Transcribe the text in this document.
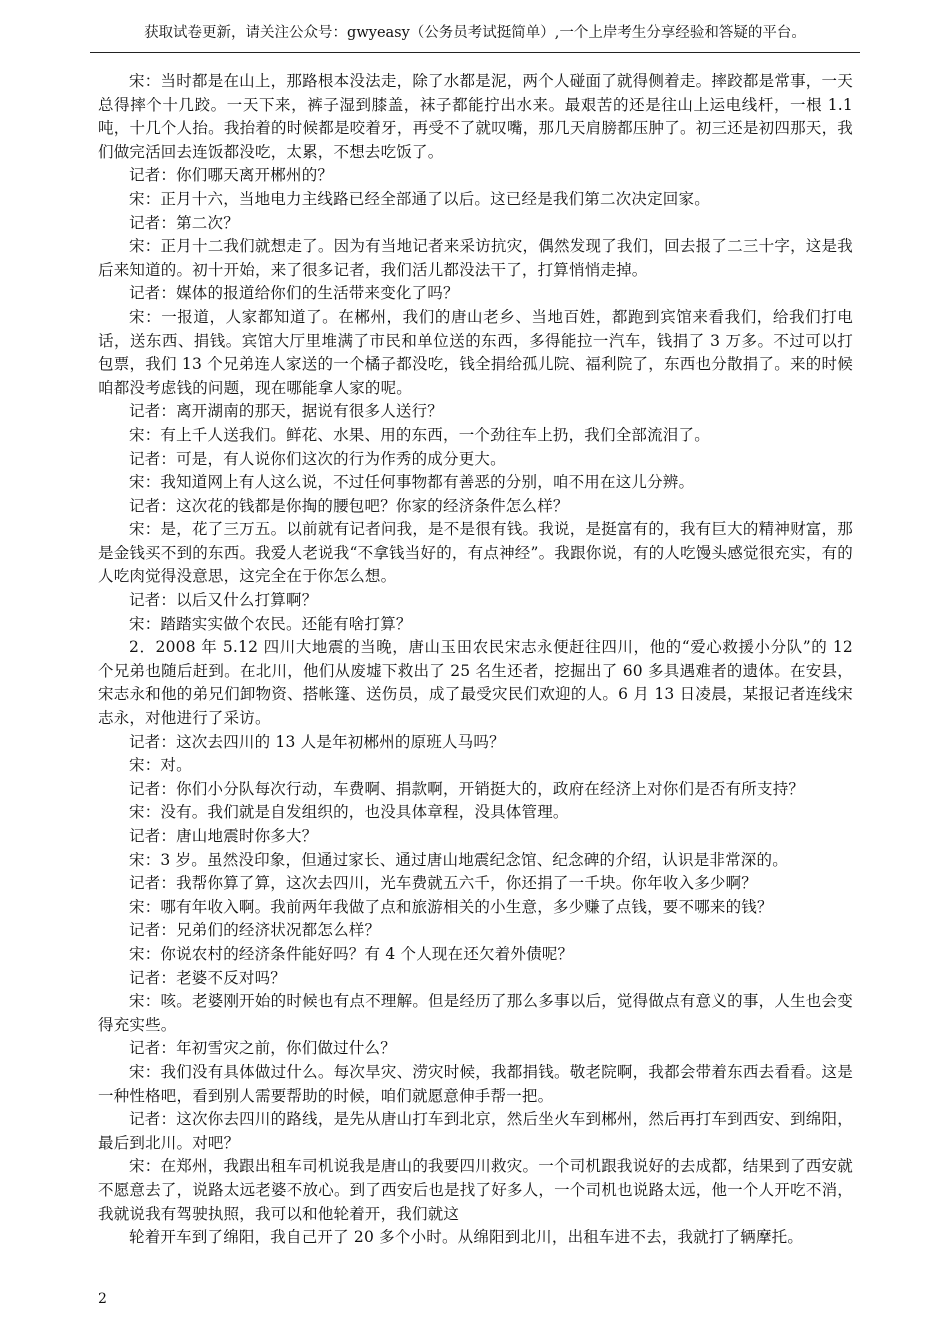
获取试卷更新，请关注公众号：gwyeasy（公务员考试挺简单）,一个上岸考生分享经验和答疑的平台。

宋：当时都是在山上，那路根本没法走，除了水都是泥，两个人碰面了就得侧着走。摔跤都是常事，一天总得摔个十几跤。一天下来，裤子湿到膝盖，袜子都能拧出水来。最艰苦的还是往山上运电线杆，一根 1.1 吨，十几个人抬。我抬着的时候都是咬着牙，再受不了就叹嘴，那几天肩膀都压肿了。初三还是初四那天，我们做完活回去连饭都没吃，太累，不想去吃饭了。

记者：你们哪天离开郴州的？

宋：正月十六，当地电力主线路已经全部通了以后。这已经是我们第二次决定回家。

记者：第二次？

宋：正月十二我们就想走了。因为有当地记者来采访抗灾，偶然发现了我们，回去报了二三十字，这是我后来知道的。初十开始，来了很多记者，我们活儿都没法干了，打算悄悄走掉。

记者：媒体的报道给你们的生活带来变化了吗？

宋：一报道，人家都知道了。在郴州，我们的唐山老乡、当地百姓，都跑到宾馆来看我们，给我们打电话，送东西、捐钱。宾馆大厅里堆满了市民和单位送的东西，多得能拉一汽车，钱捐了 3 万多。不过可以打包票，我们 13 个兄弟连人家送的一个橘子都没吃，钱全捐给孤儿院、福利院了，东西也分散捐了。来的时候咱都没考虑钱的问题，现在哪能拿人家的呢。

记者：离开湖南的那天，据说有很多人送行？

宋：有上千人送我们。鲜花、水果、用的东西，一个劲往车上扔，我们全部流泪了。

记者：可是，有人说你们这次的行为作秀的成分更大。

宋：我知道网上有人这么说，不过任何事物都有善恶的分别，咱不用在这儿分辨。

记者：这次花的钱都是你掏的腰包吧？你家的经济条件怎么样？

宋：是，花了三万五。以前就有记者问我，是不是很有钱。我说，是挺富有的，我有巨大的精神财富，那是金钱买不到的东西。我爱人老说我“不拿钱当好的，有点神经”。我跟你说，有的人吃馒头感觉很充实，有的人吃肉觉得没意思，这完全在于你怎么想。

记者：以后又什么打算啊？

宋：踏踏实实做个农民。还能有啥打算？

2．2008 年 5.12 四川大地震的当晚，唐山玉田农民宋志永便赶往四川，他的“爱心救援小分队”的 12 个兄弟也随后赶到。在北川，他们从废墟下救出了 25 名生还者，挖掘出了 60 多具遇难者的遗体。在安县，宋志永和他的弟兄们卸物资、搭帐篷、送伤员，成了最受灾民们欢迎的人。6 月 13 日凌晨，某报记者连线宋志永，对他进行了采访。

记者：这次去四川的 13 人是年初郴州的原班人马吗？

宋：对。

记者：你们小分队每次行动，车费啊、捐款啊，开销挺大的，政府在经济上对你们是否有所支持？

宋：没有。我们就是自发组织的，也没具体章程，没具体管理。

记者：唐山地震时你多大？

宋：3 岁。虽然没印象，但通过家长、通过唐山地震纪念馆、纪念碑的介绍，认识是非常深的。

记者：我帮你算了算，这次去四川，光车费就五六千，你还捐了一千块。你年收入多少啊？

宋：哪有年收入啊。我前两年我做了点和旅游相关的小生意，多少赚了点钱，要不哪来的钱？

记者：兄弟们的经济状况都怎么样？

宋：你说农村的经济条件能好吗？有 4 个人现在还欠着外债呢？

记者：老婆不反对吗？

宋：咳。老婆刚开始的时候也有点不理解。但是经历了那么多事以后，觉得做点有意义的事，人生也会变得充实些。

记者：年初雪灾之前，你们做过什么？

宋：我们没有具体做过什么。每次旱灾、涝灾时候，我都捐钱。敬老院啊，我都会带着东西去看看。这是一种性格吧，看到别人需要帮助的时候，咱们就愿意伸手帮一把。

记者：这次你去四川的路线，是先从唐山打车到北京，然后坐火车到郴州，然后再打车到西安、到绵阳，最后到北川。对吧？

宋：在郑州，我跟出租车司机说我是唐山的我要四川救灾。一个司机跟我说好的去成都，结果到了西安就不愿意去了，说路太远老婆不放心。到了西安后也是找了好多人，一个司机也说路太远，他一个人开吃不消，我就说我有驾驶执照，我可以和他轮着开，我们就这

轮着开车到了绵阳，我自己开了 20 多个小时。从绵阳到北川，出租车进不去，我就打了辆摩托。

2
